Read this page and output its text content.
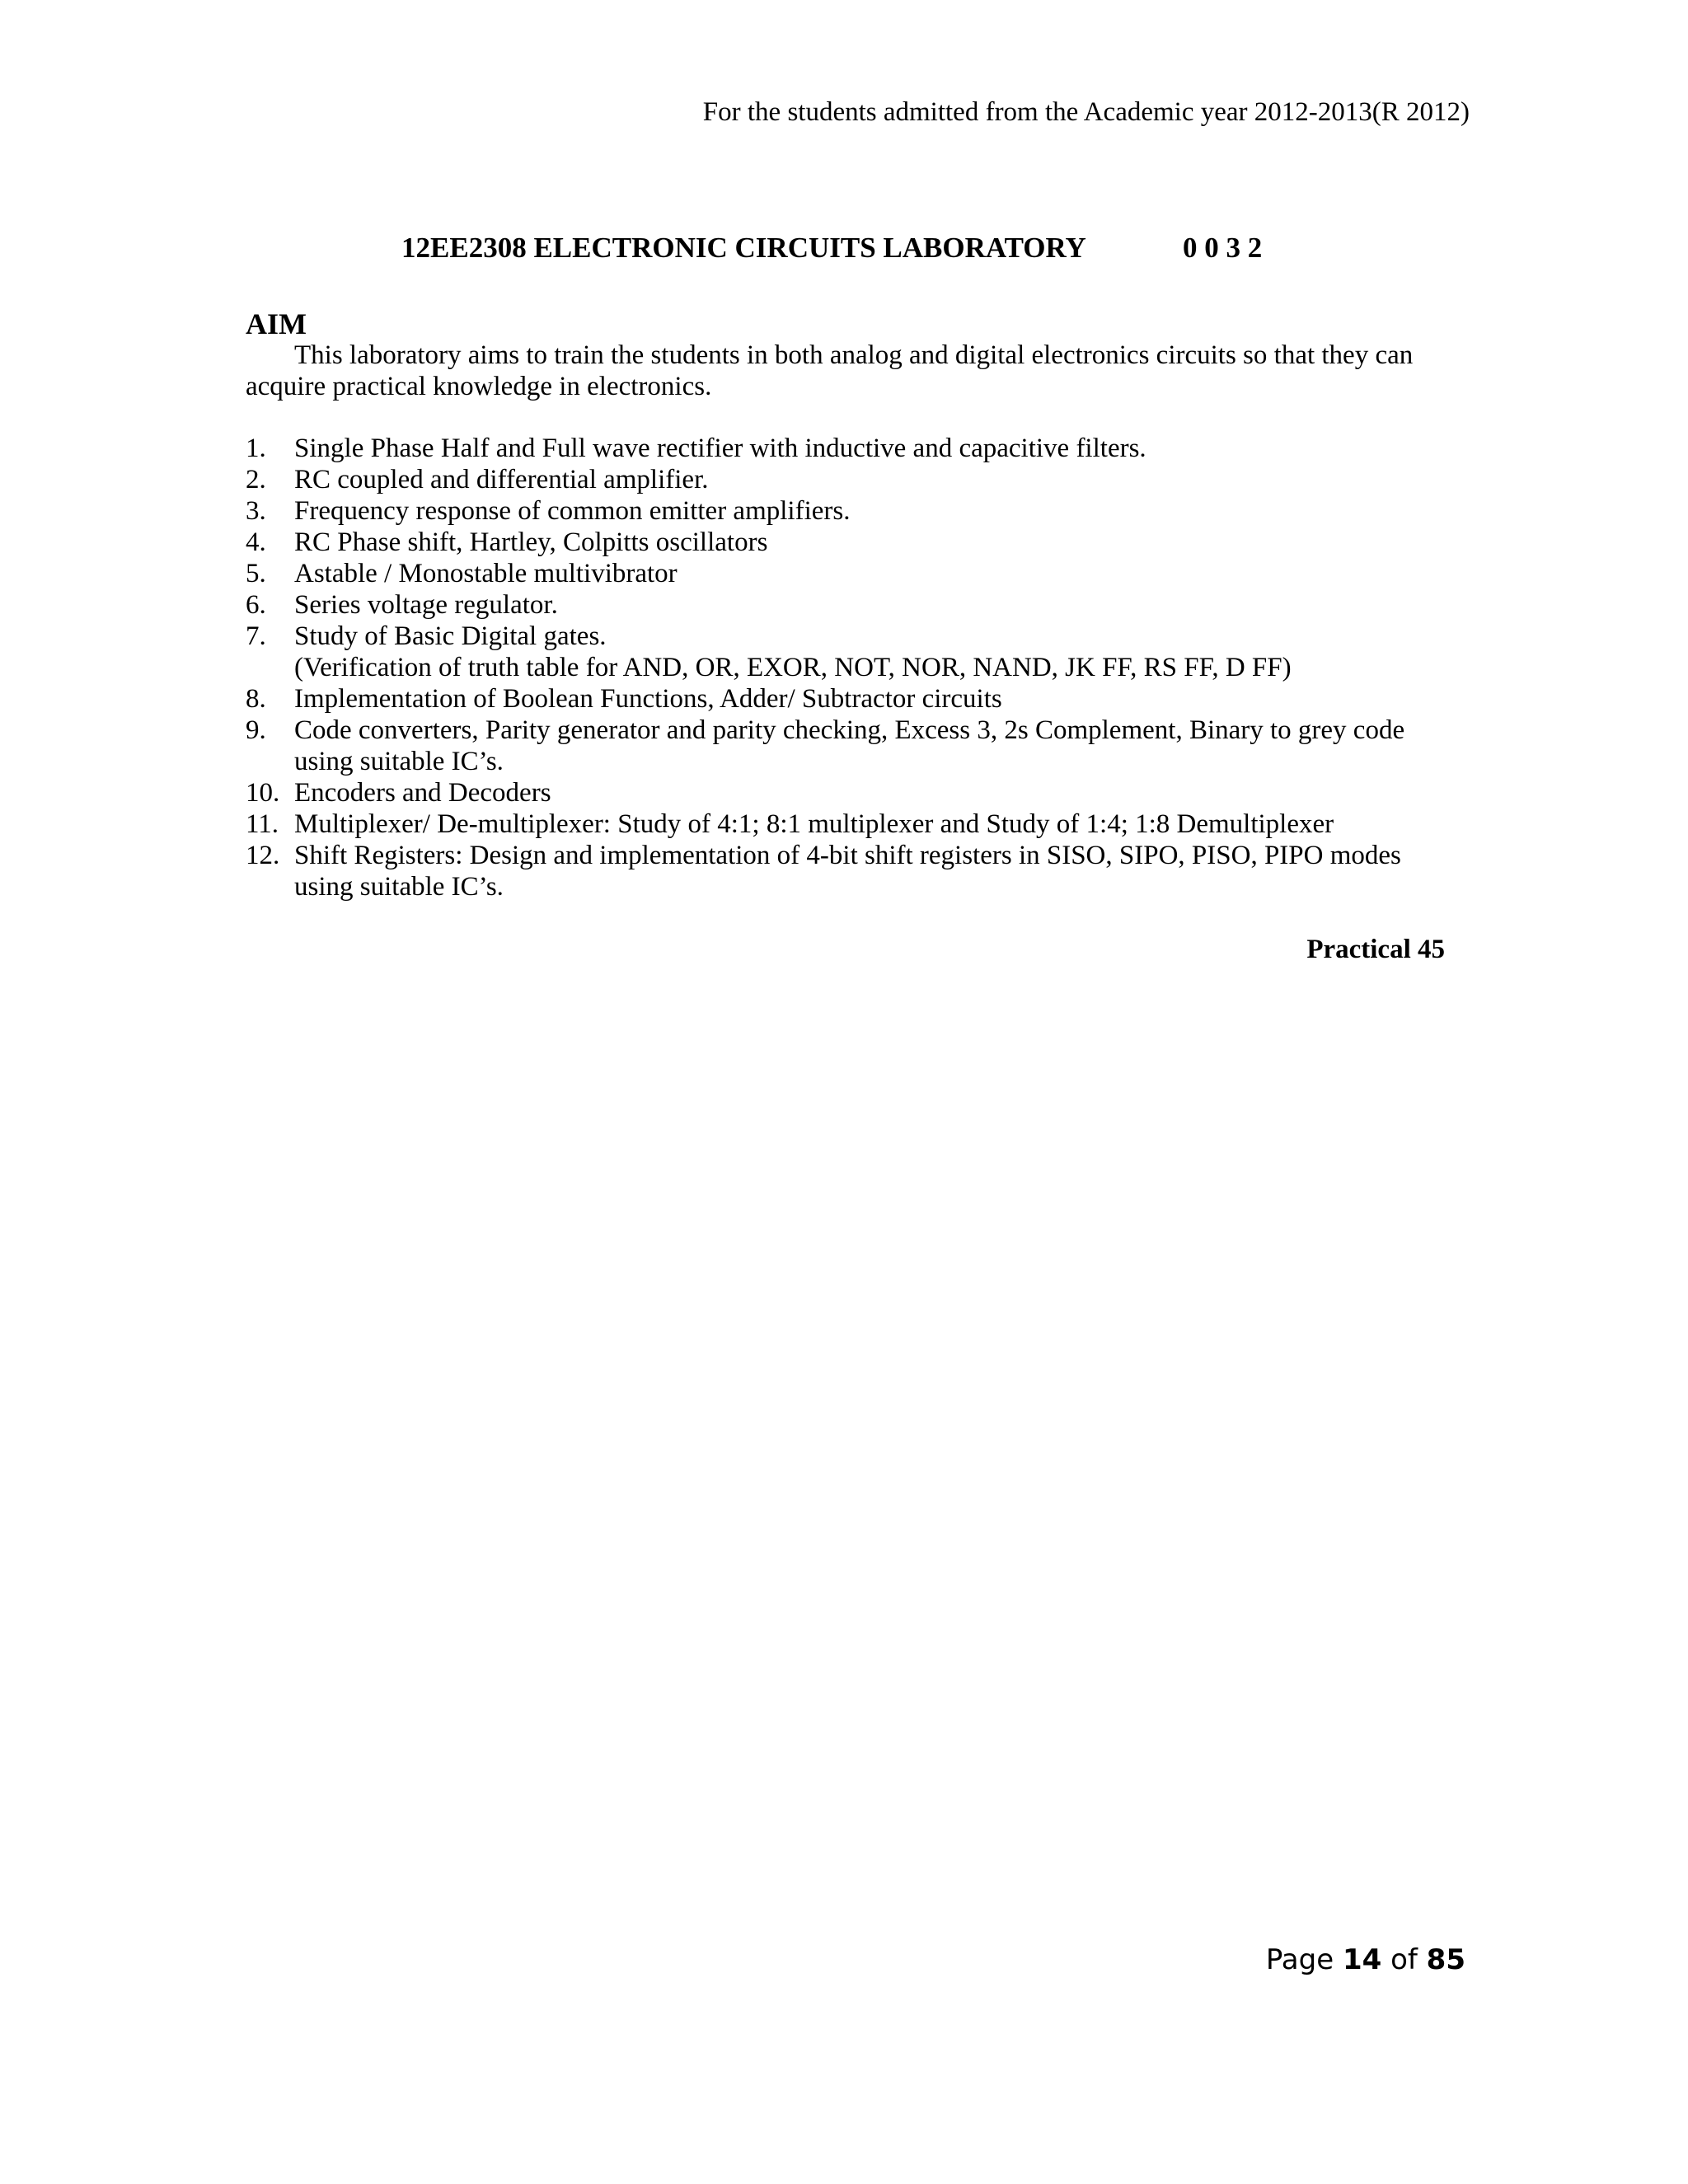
For the students admitted from the Academic year 2012-2013(R 2012)
12EE2308 ELECTRONIC CIRCUITS LABORATORY	0 0 3 2
AIM
This laboratory aims to train the students in both analog and digital electronics circuits so that they can acquire practical knowledge in electronics.
1. Single Phase Half and Full wave rectifier with inductive and capacitive filters.
2. RC coupled and differential amplifier.
3. Frequency response of common emitter amplifiers.
4. RC Phase shift, Hartley, Colpitts oscillators
5. Astable / Monostable multivibrator
6. Series voltage regulator.
7. Study of Basic Digital gates.
(Verification of truth table for AND, OR, EXOR, NOT, NOR, NAND, JK FF, RS FF, D FF)
8. Implementation of Boolean Functions, Adder/ Subtractor circuits
9. Code converters, Parity generator and parity checking, Excess 3, 2s Complement, Binary to grey code using suitable IC’s.
10. Encoders and Decoders
11. Multiplexer/ De-multiplexer: Study of 4:1; 8:1 multiplexer and Study of 1:4; 1:8 Demultiplexer
12. Shift Registers: Design and implementation of 4-bit shift registers in SISO, SIPO, PISO, PIPO modes using suitable IC’s.
Practical 45
Page 14 of 85
